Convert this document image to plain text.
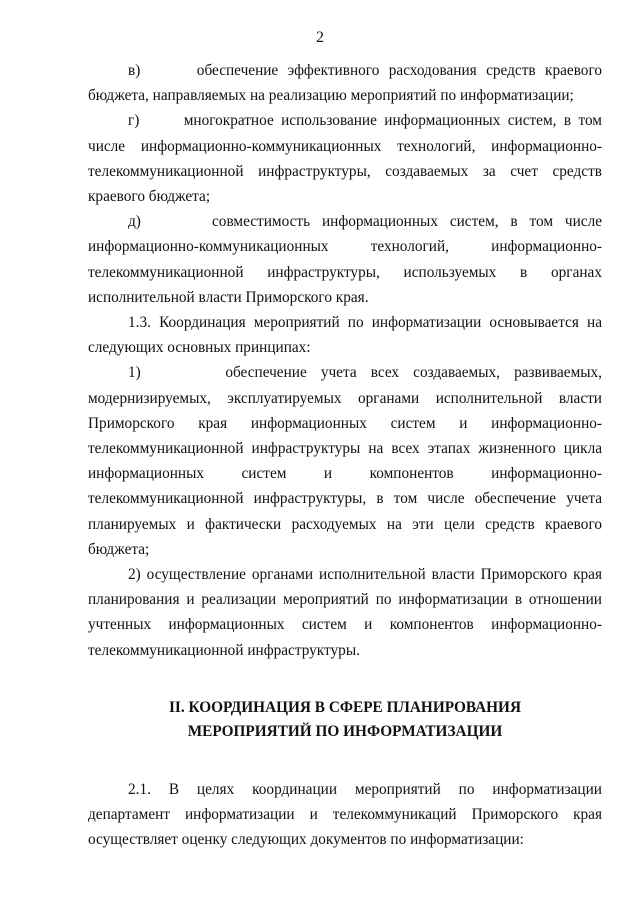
2

в)      обеспечение эффективного расходования средств краевого бюджета, направляемых на реализацию мероприятий по информатизации;

г)      многократное использование информационных систем, в том числе информационно-коммуникационных технологий, информационно-телекоммуникационной инфраструктуры, создаваемых за счет средств краевого бюджета;

д)      совместимость информационных систем, в том числе информационно-коммуникационных технологий, информационно-телекоммуникационной инфраструктуры, используемых в органах исполнительной власти Приморского края.

1.3. Координация мероприятий по информатизации основывается на следующих основных принципах:

1)      обеспечение учета всех создаваемых, развиваемых, модернизируемых, эксплуатируемых органами исполнительной власти Приморского края информационных систем и информационно-телекоммуникационной инфраструктуры на всех этапах жизненного цикла информационных систем и компонентов информационно-телекоммуникационной инфраструктуры, в том числе обеспечение учета планируемых и фактически расходуемых на эти цели средств краевого бюджета;

2) осуществление органами исполнительной власти Приморского края планирования и реализации мероприятий по информатизации в отношении учтенных информационных систем и компонентов информационно-телекоммуникационной инфраструктуры.

II. КООРДИНАЦИЯ В СФЕРЕ ПЛАНИРОВАНИЯ
МЕРОПРИЯТИЙ ПО ИНФОРМАТИЗАЦИИ

2.1. В целях координации мероприятий по информатизации департамент информатизации и телекоммуникаций Приморского края осуществляет оценку следующих документов по информатизации:
